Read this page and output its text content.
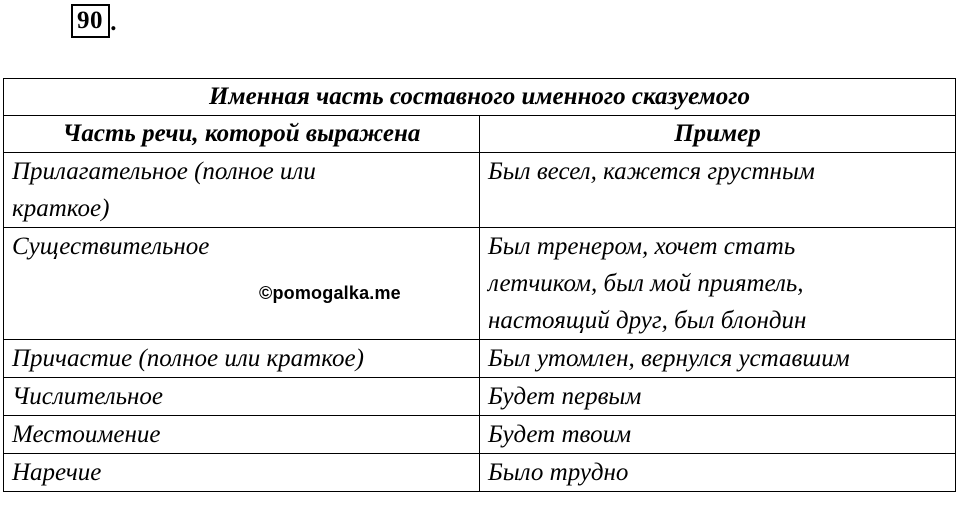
90 .
Именная часть составного именного сказуемого	
Часть речи, которой выражена	Пример

Прилагательное (полное или
краткое)	Был весел, кажется грустным

Существительное	Был тренером, хочет стать
летчиком, был мой приятель,
настоящий друг, был блондин

Причастие (полное или краткое)	Был утомлен, вернулся уставшим

Числительное	Будет первым

Местоимение	Будет твоим

Наречие	Было трудно
©pomogalka.me
